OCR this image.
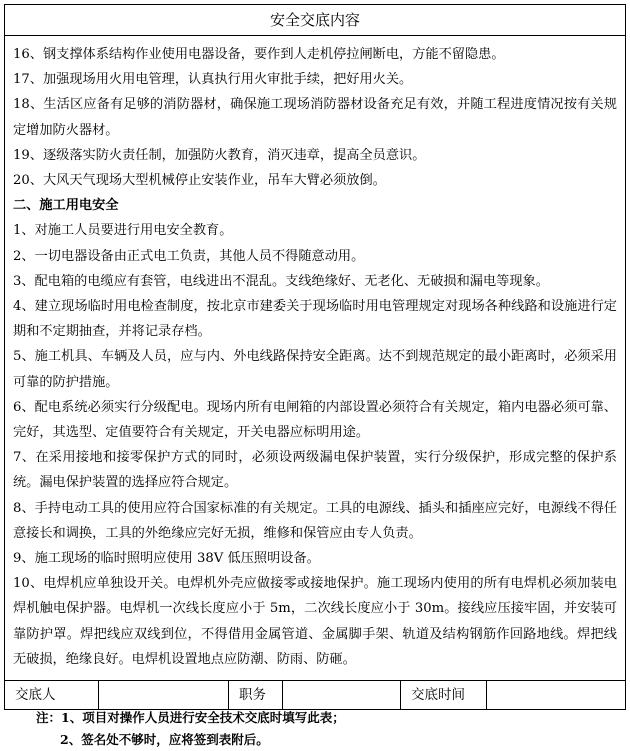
安全交底内容

16、钢支撑体系结构作业使用电器设备，要作到人走机停拉闸断电，方能不留隐患。

17、加强现场用火用电管理，认真执行用火审批手续，把好用火关。

18、生活区应备有足够的消防器材，确保施工现场消防器材设备充足有效，并随工程进度情况按有关规定增加防火器材。

19、逐级落实防火责任制，加强防火教育，消灭违章，提高全员意识。

20、大风天气现场大型机械停止安装作业，吊车大臂必须放倒。

二、施工用电安全

1、对施工人员要进行用电安全教育。

2、一切电器设备由正式电工负责，其他人员不得随意动用。

3、配电箱的电缆应有套管，电线进出不混乱。支线绝缘好、无老化、无破损和漏电等现象。

4、建立现场临时用电检查制度，按北京市建委关于现场临时用电管理规定对现场各种线路和设施进行定期和不定期抽查，并将记录存档。

5、施工机具、车辆及人员，应与内、外电线路保持安全距离。达不到规范规定的最小距离时，必须采用可靠的防护措施。

6、配电系统必须实行分级配电。现场内所有电闸箱的内部设置必须符合有关规定，箱内电器必须可靠、完好，其选型、定值要符合有关规定，开关电器应标明用途。

7、在采用接地和接零保护方式的同时，必须设两级漏电保护装置，实行分级保护，形成完整的保护系统。漏电保护装置的选择应符合规定。

8、手持电动工具的使用应符合国家标准的有关规定。工具的电源线、插头和插座应完好，电源线不得任意接长和调换，工具的外绝缘应完好无损，维修和保管应由专人负责。

9、施工现场的临时照明应使用 38V 低压照明设备。

10、电焊机应单独设开关。电焊机外壳应做接零或接地保护。施工现场内使用的所有电焊机必须加装电焊机触电保护器。电焊机一次线长度应小于 5m，二次线长度应小于 30m。接线应压接牢固，并安装可靠防护罩。焊把线应双线到位，不得借用金属管道、金属脚手架、轨道及结构钢筋作回路地线。焊把线无破损，绝缘良好。电焊机设置地点应防潮、防雨、防砸。

交底人	职务	交底时间

注：1、项目对操作人员进行安全技术交底时填写此表；

2、签名处不够时，应将签到表附后。
